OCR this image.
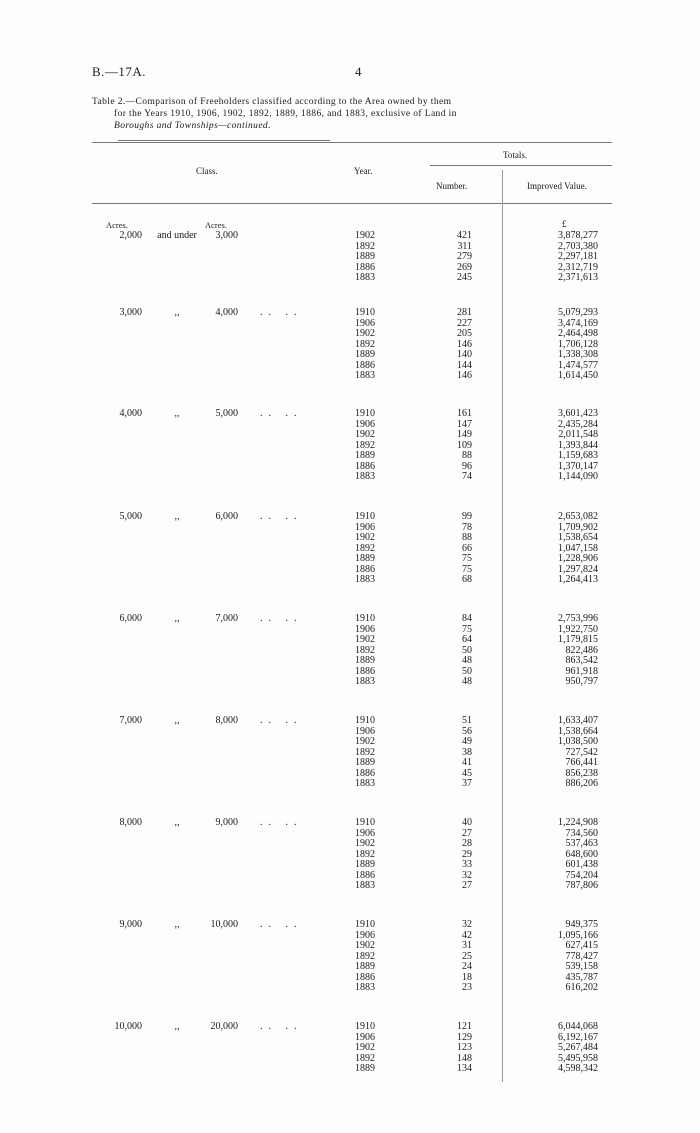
B.—17A.	4
Table 2.—Comparison of Freeholders classified according to the Area owned by them
for the Years 1910, 1906, 1902, 1892, 1889, 1886, and 1883, exclusive of Land in
Boroughs and Townships—continued.
Totals.
Class.	Year.
Number.	Improved Value.
Acres.	Acres.	£
2,000	and under	3,000	1902	421	3,878,277
1892	311	2,703,380
1889	279	2,297,181
1886	269	2,312,719
1883	245	2,371,613
3,000	,,	4,000 .. ..	1910	281	5,079,293
1906	227	3,474,169
1902	205	2,464,498
1892	146	1,706,128
1889	140	1,338,308
1886	144	1,474,577
1883	146	1,614,450
4,000	,,	5,000 .. ..	1910	161	3,601,423
1906	147	2,435,284
1902	149	2,011,548
1892	109	1,393,844
1889	88	1,159,683
1886	96	1,370,147
1883	74	1,144,090
5,000	,,	6,000 .. ..	1910	99	2,653,082
1906	78	1,709,902
1902	88	1,538,654
1892	66	1,047,158
1889	75	1,228,906
1886	75	1,297,824
1883	68	1,264,413
6,000	,,	7,000 .. ..	1910	84	2,753,996
1906	75	1,922,750
1902	64	1,179,815
1892	50	822,486
1889	48	863,542
1886	50	961,918
1883	48	950,797
7,000	,,	8,000 .. ..	1910	51	1,633,407
1906	56	1,538,664
1902	49	1,038,500
1892	38	727,542
1889	41	766,441
1886	45	856,238
1883	37	886,206
8,000	,,	9,000 .. ..	1910	40	1,224,908
1906	27	734,560
1902	28	537,463
1892	29	648,600
1889	33	601,438
1886	32	754,204
1883	27	787,806
9,000	,,	10,000 .. ..	1910	32	949,375
1906	42	1,095,166
1902	31	627,415
1892	25	778,427
1889	24	539,158
1886	18	435,787
1883	23	616,202
10,000	,,	20,000 .. ..	1910	121	6,044,068
1906	129	6,192,167
1902	123	5,267,484
1892	148	5,495,958
1889	134	4,598,342
